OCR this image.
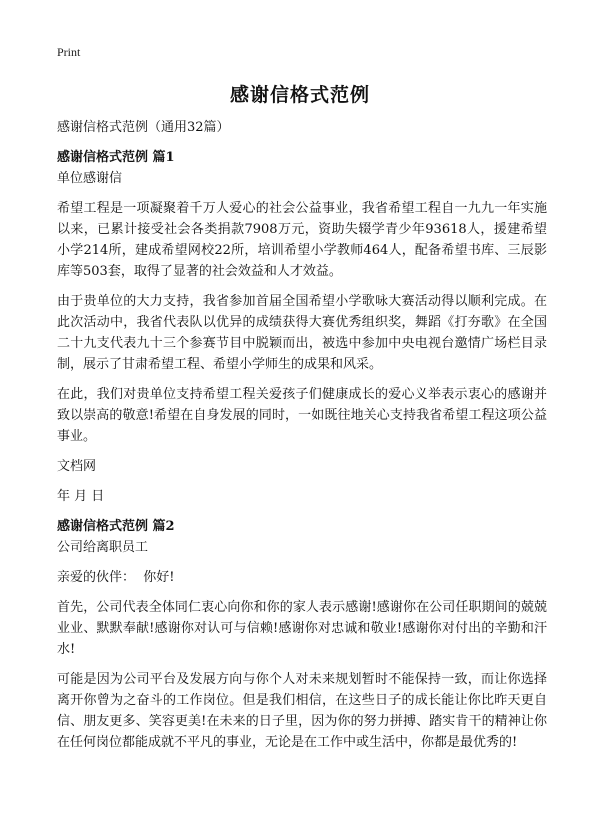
Print
感谢信格式范例

感谢信格式范例（通用32篇）

感谢信格式范例 篇1

单位感谢信

希望工程是一项凝聚着千万人爱心的社会公益事业，我省希望工程自一九九一年实施以来，已累计接受社会各类捐款7908万元，资助失辍学青少年93618人，援建希望小学214所，建成希望网校22所，培训希望小学教师464人，配备希望书库、三辰影库等503套，取得了显著的社会效益和人才效益。

由于贵单位的大力支持，我省参加首届全国希望小学歌咏大赛活动得以顺利完成。在此次活动中，我省代表队以优异的成绩获得大赛优秀组织奖，舞蹈《打夯歌》在全国二十九支代表九十三个参赛节目中脱颖而出，被选中参加中央电视台邀情广场栏目录制，展示了甘肃希望工程、希望小学师生的成果和风采。

在此，我们对贵单位支持希望工程关爱孩子们健康成长的爱心义举表示衷心的感谢并致以崇高的敬意!希望在自身发展的同时，一如既往地关心支持我省希望工程这项公益事业。

文档网

年 月 日

感谢信格式范例 篇2

公司给离职员工

亲爱的伙伴：  你好!

首先，公司代表全体同仁衷心向你和你的家人表示感谢!感谢你在公司任职期间的兢兢业业、默默奉献!感谢你对认可与信赖!感谢你对忠诚和敬业!感谢你对付出的辛勤和汗水!

可能是因为公司平台及发展方向与你个人对未来规划暂时不能保持一致，而让你选择离开你曾为之奋斗的工作岗位。但是我们相信，在这些日子的成长能让你比昨天更自信、朋友更多、笑容更美!在未来的日子里，因为你的努力拼搏、踏实肯干的精神让你在任何岗位都能成就不平凡的事业，无论是在工作中或生活中，你都是最优秀的!
